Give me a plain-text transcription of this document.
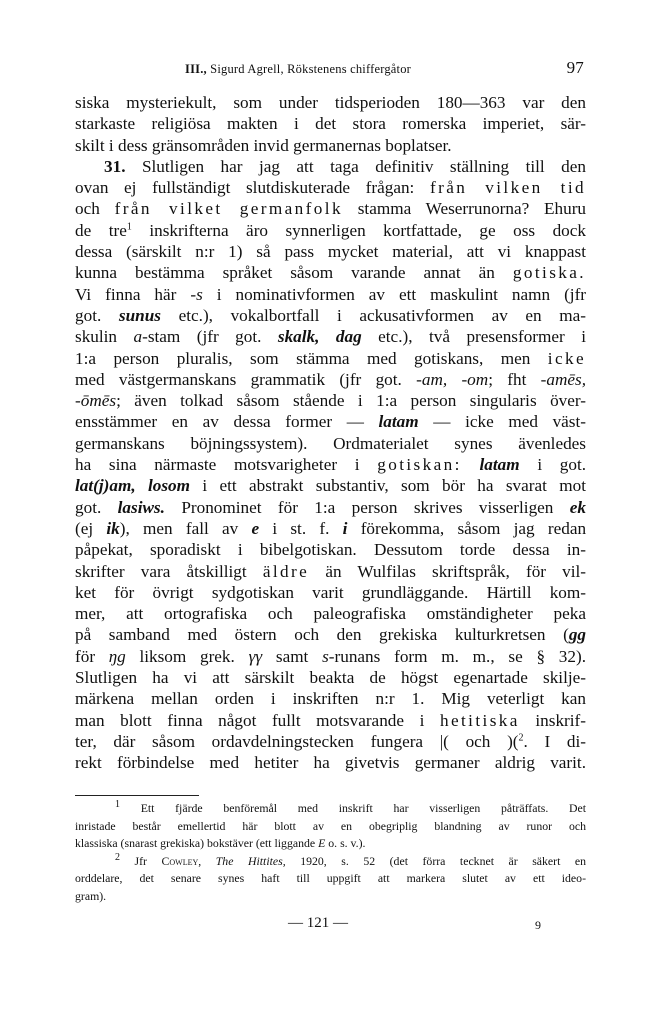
III., Sigurd Agrell, Rökstenens chiffergåtor	97
siska mysteriekult, som under tidsperioden 180—363 var den
starkaste religiösa makten i det stora romerska imperiet, sär-
skilt i dess gränsområden invid germanernas boplatser.
31. Slutligen har jag att taga definitiv ställning till den
ovan ej fullständigt slutdiskuterade frågan: från vilken tid
och från vilket germanfolk stamma Weserrunorna? Ehuru
de tre$^1$ inskrifterna äro synnerligen kortfattade, ge oss dock
dessa (särskilt n:r 1) så pass mycket material, att vi knappast
kunna bestämma språket såsom varande annat än gotiska.
Vi finna här -s i nominativformen av ett maskulint namn (jfr
got. sunus etc.), vokalbortfall i ackusativformen av en ma-
skulin a-stam (jfr got. skalk, dag etc.), två presensformer i
1:a person pluralis, som stämma med gotiskans, men icke
med västgermanskans grammatik (jfr got. -am, -om; fht -amēs,
-ōmēs; även tolkad såsom stående i 1:a person singularis över-
ensstämmer en av dessa former — latam — icke med väst-
germanskans böjningssystem). Ordmaterialet synes ävenledes
ha sina närmaste motsvarigheter i gotiskan: latam i got.
lat(j)am, losom i ett abstrakt substantiv, som bör ha svarat mot
got. lasiws. Pronominet för 1:a person skrives visserligen ek
(ej ik), men fall av e i st. f. i förekomma, såsom jag redan
påpekat, sporadiskt i bibelgotiskan. Dessutom torde dessa in-
skrifter vara åtskilligt äldre än Wulfilas skriftspråk, för vil-
ket för övrigt sydgotiskan varit grundläggande. Härtill kom-
mer, att ortografiska och paleografiska omständigheter peka
på samband med östern och den grekiska kulturkretsen (gg
för ŋg liksom grek. γγ samt s-runans form m. m., se § 32).
Slutligen ha vi att särskilt beakta de högst egenartade skilje-
märkena mellan orden i inskriften n:r 1. Mig veterligt kan
man blott finna något fullt motsvarande i hetitiska inskrif-
ter, där såsom ordavdelningstecken fungera |( och )($^2$. I di-
rekt förbindelse med hetiter ha givetvis germaner aldrig varit.
$^1$ Ett fjärde benföremål med inskrift har visserligen påträffats. Det
inristade består emellertid här blott av en obegriplig blandning av runor och
klassiska (snarast grekiska) bokstäver (ett liggande E o. s. v.).
$^2$ Jfr Cowley, The Hittites, 1920, s. 52 (det förra tecknet är säkert en
orddelare, det senare synes haft till uppgift att markera slutet av ett ideo-
gram).
— 121 —	9
